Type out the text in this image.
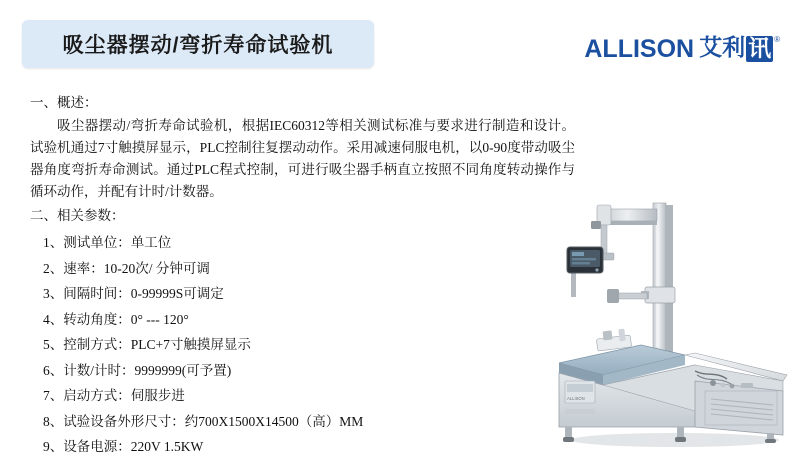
吸尘器摆动/弯折寿命试验机	ALLISON 艾利 讯 ®

一、概述：

吸尘器摆动/弯折寿命试验机，根据IEC60312等相关测试标准与要求进行制造和设计。试验机通过7寸触摸屏显示，PLC控制往复摆动动作。采用减速伺服电机，以0-90度带动吸尘器角度弯折寿命测试。通过PLC程式控制，可进行吸尘器手柄直立按照不同角度转动操作与循环动作，并配有计时/计数器。

二、相关参数：

1、测试单位：单工位
2、速率：10-20次/ 分钟可调
3、间隔时间：0-99999S可调定
4、转动角度：0° --- 120°
5、控制方式：PLC+7寸触摸屏显示
6、计数/计时：9999999(可予置)
7、启动方式：伺服步进
8、试验设备外形尺寸：约700X1500X14500（高）MM
9、设备电源：220V 1.5KW
ALLISON
